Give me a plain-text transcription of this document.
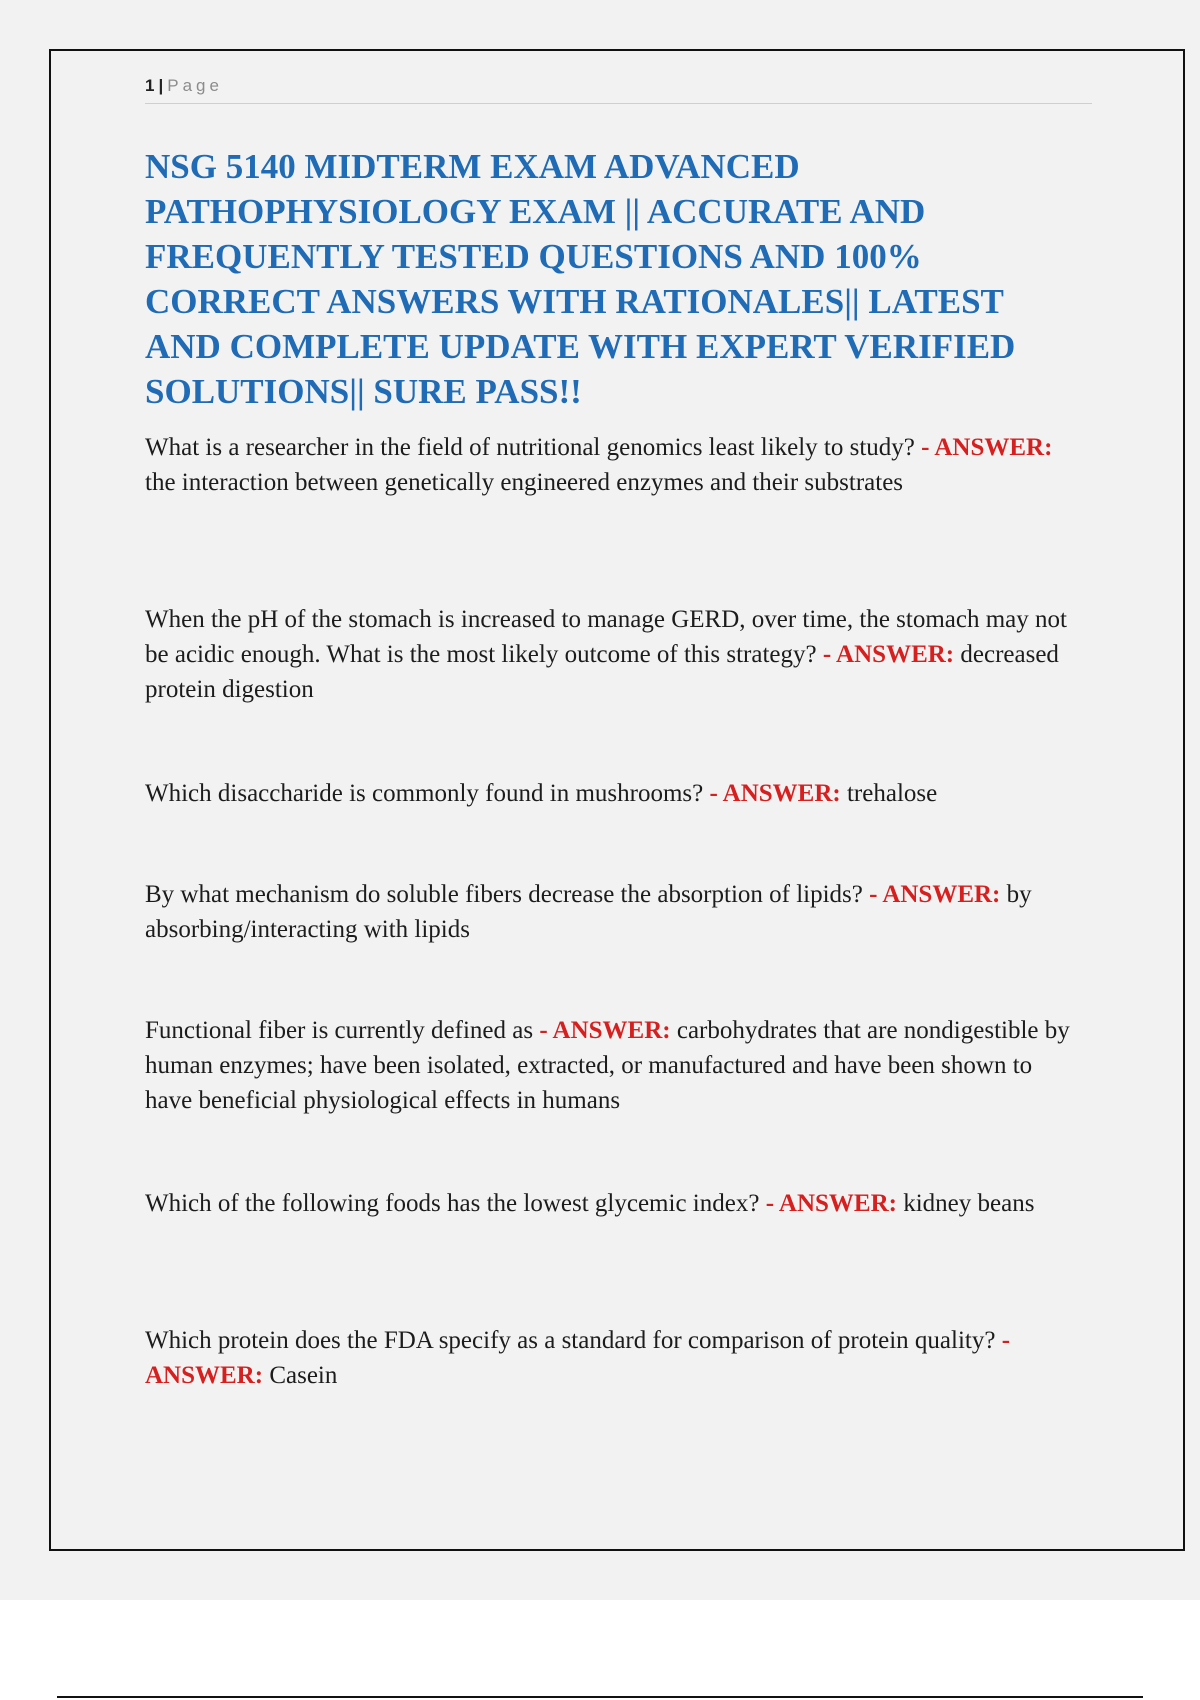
1 | Page
NSG 5140 MIDTERM EXAM ADVANCED PATHOPHYSIOLOGY EXAM || ACCURATE AND FREQUENTLY TESTED QUESTIONS AND 100% CORRECT ANSWERS WITH RATIONALES|| LATEST AND COMPLETE UPDATE WITH EXPERT VERIFIED SOLUTIONS|| SURE PASS!!

What is a researcher in the field of nutritional genomics least likely to study? - ANSWER: the interaction between genetically engineered enzymes and their substrates

When the pH of the stomach is increased to manage GERD, over time, the stomach may not be acidic enough. What is the most likely outcome of this strategy? - ANSWER: decreased protein digestion

Which disaccharide is commonly found in mushrooms? - ANSWER: trehalose

By what mechanism do soluble fibers decrease the absorption of lipids? - ANSWER: by absorbing/interacting with lipids

Functional fiber is currently defined as - ANSWER: carbohydrates that are nondigestible by human enzymes; have been isolated, extracted, or manufactured and have been shown to have beneficial physiological effects in humans

Which of the following foods has the lowest glycemic index? - ANSWER: kidney beans

Which protein does the FDA specify as a standard for comparison of protein quality? - ANSWER: Casein
